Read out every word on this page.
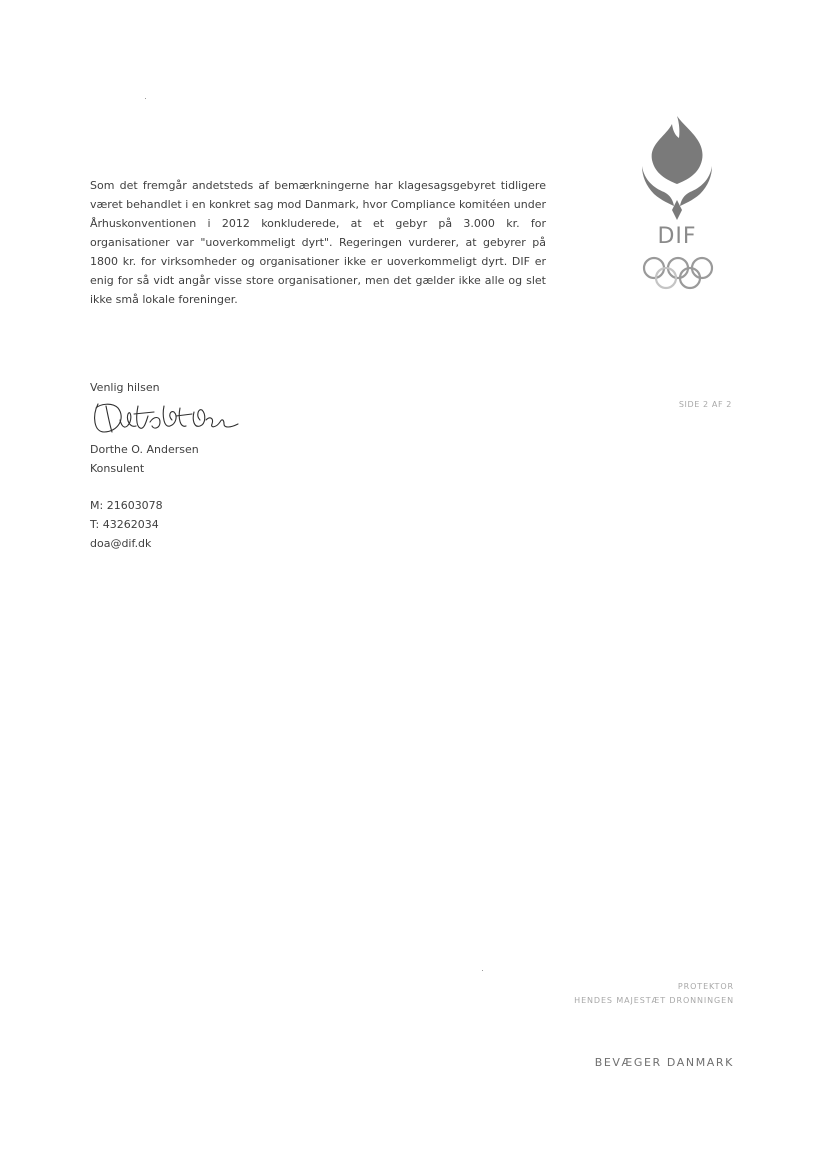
DIF
Som det fremgår andetsteds af bemærkningerne har klagesagsgebyret tidligere været behandlet i en konkret sag mod Danmark, hvor Compliance komitéen under Århuskonventionen i 2012 konkluderede, at et gebyr på 3.000 kr. for organisationer var "uoverkommeligt dyrt". Regeringen vurderer, at gebyrer på 1800 kr. for virksomheder og organisationer ikke er uoverkommeligt dyrt. DIF er enig for så vidt angår visse store organisationer, men det gælder ikke alle og slet ikke små lokale foreninger.
SIDE 2 AF 2
Venlig hilsen
Dorthe O. Andersen
Konsulent
M: 21603078
T: 43262034
doa@dif.dk
PROTEKTOR
HENDES MAJESTÆT DRONNINGEN
BEVÆGER DANMARK
